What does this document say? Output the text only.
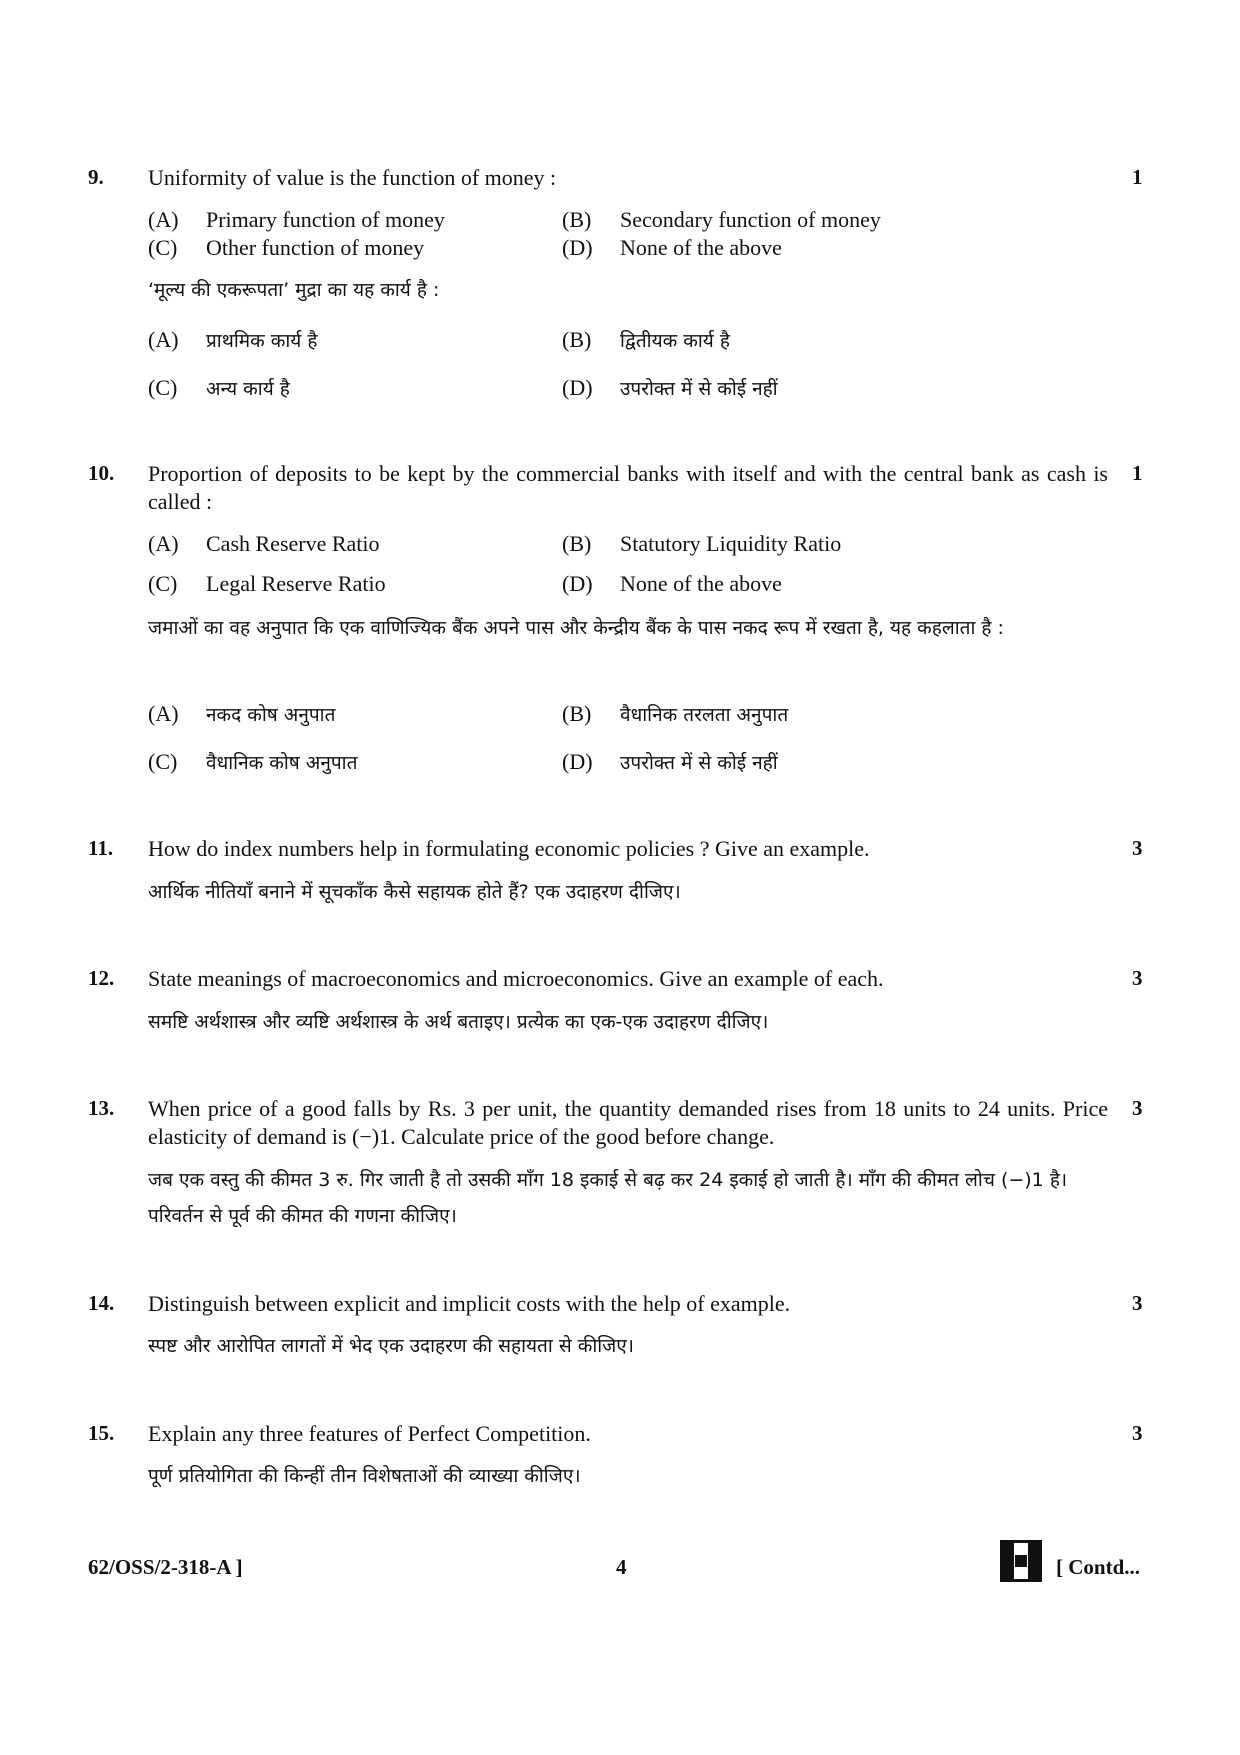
9.	1
Uniformity of value is the function of money :
(A) Primary function of money	(B) Secondary function of money
(C) Other function of money	(D) None of the above
‘मूल्य की एकरूपता’ मुद्रा का यह कार्य है :
(A) प्राथमिक कार्य है	(B) द्वितीयक कार्य है
(C) अन्य कार्य है	(D) उपरोक्त में से कोई नहीं
10.	1
Proportion of deposits to be kept by the commercial banks with itself and with the central bank as cash is called :
(A) Cash Reserve Ratio	(B) Statutory Liquidity Ratio
(C) Legal Reserve Ratio	(D) None of the above
जमाओं का वह अनुपात कि एक वाणिज्यिक बैंक अपने पास और केन्द्रीय बैंक के पास नकद रूप में रखता है, यह कहलाता है :
(A) नकद कोष अनुपात	(B) वैधानिक तरलता अनुपात
(C) वैधानिक कोष अनुपात	(D) उपरोक्त में से कोई नहीं
11.	3
How do index numbers help in formulating economic policies ? Give an example.
आर्थिक नीतियाँ बनाने में सूचकाँक कैसे सहायक होते हैं? एक उदाहरण दीजिए।
12.	3
State meanings of macroeconomics and microeconomics. Give an example of each.
समष्टि अर्थशास्त्र और व्यष्टि अर्थशास्त्र के अर्थ बताइए। प्रत्येक का एक-एक उदाहरण दीजिए।
13.	3
When price of a good falls by Rs. 3 per unit, the quantity demanded rises from 18 units to 24 units. Price elasticity of demand is (−)1. Calculate price of the good before change.
जब एक वस्तु की कीमत 3 रु. गिर जाती है तो उसकी माँग 18 इकाई से बढ़ कर 24 इकाई हो जाती है। माँग की कीमत लोच (−)1 है। परिवर्तन से पूर्व की कीमत की गणना कीजिए।
14.	3
Distinguish between explicit and implicit costs with the help of example.
स्पष्ट और आरोपित लागतों में भेद एक उदाहरण की सहायता से कीजिए।
15.	3
Explain any three features of Perfect Competition.
पूर्ण प्रतियोगिता की किन्हीं तीन विशेषताओं की व्याख्या कीजिए।
62/OSS/2-318-A ]	4	[ Contd...
